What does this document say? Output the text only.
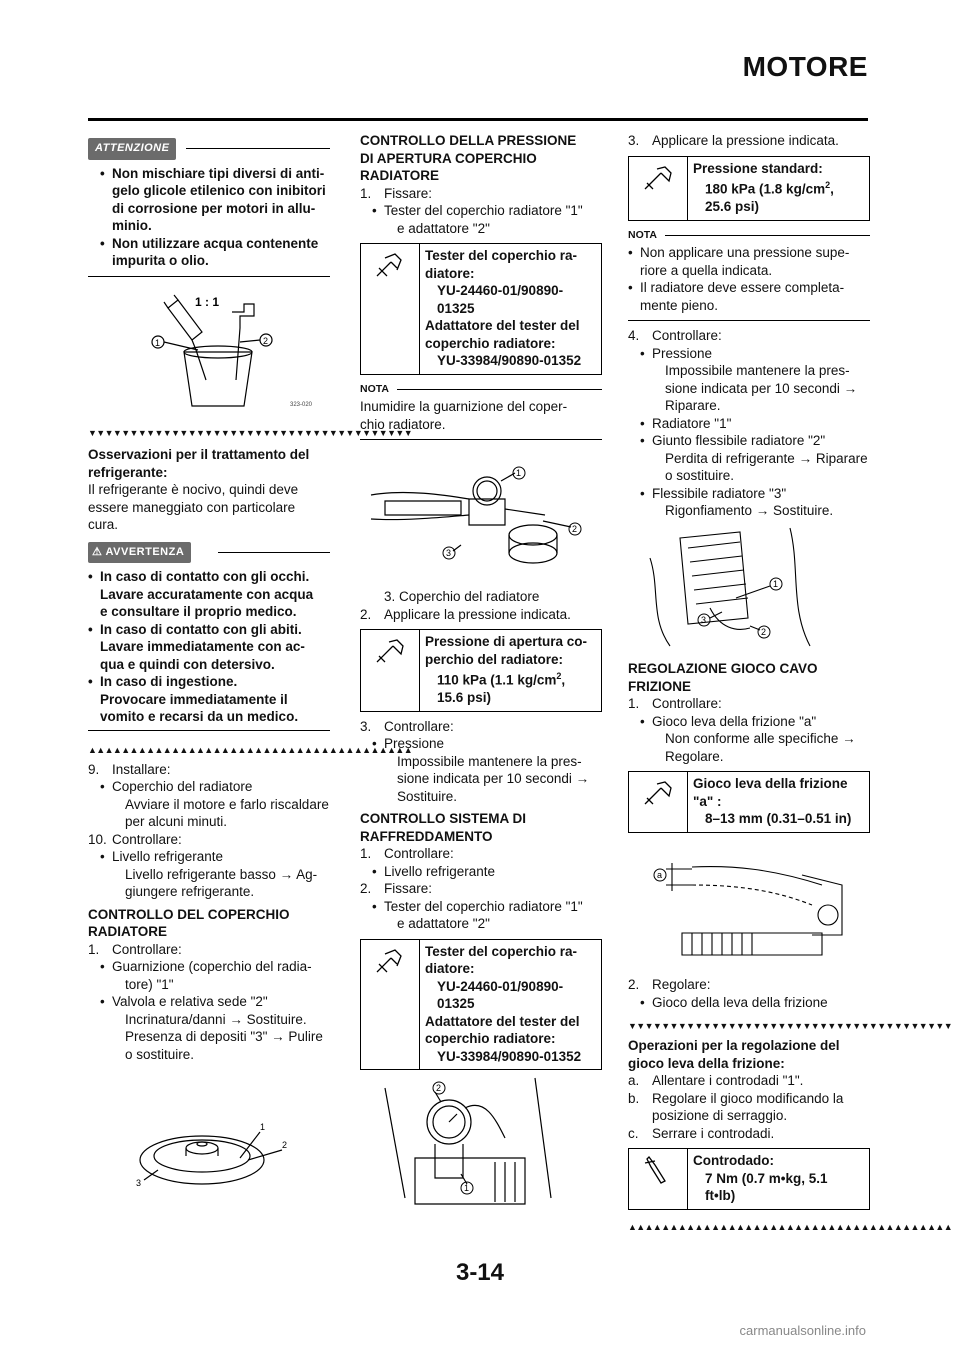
MOTORE
ATTENZIONE

• Non mischiare tipi diversi di anti-

gelo glicole etilenico con inibitori

di corrosione per motori in allu-

minio.

• Non utilizzare acqua contenente

impurita o olio.

1 : 1
1	2
323-020
▼▼▼▼▼▼▼▼▼▼▼▼▼▼▼▼▼▼▼▼▼▼▼▼▼▼▼▼▼▼▼▼▼▼▼▼▼▼▼

Osservazioni per il trattamento del

refrigerante:

Il refrigerante è nocivo, quindi deve

essere maneggiato con particolare

cura.

⚠ AVVERTENZA

• In caso di contatto con gli occhi.

Lavare accuratamente con acqua

e consultare il proprio medico.

• In caso di contatto con gli abiti.

Lavare immediatamente con ac-

qua e quindi con detersivo.

• In caso di ingestione.

Provocare immediatamente il

vomito e recarsi da un medico.

▲▲▲▲▲▲▲▲▲▲▲▲▲▲▲▲▲▲▲▲▲▲▲▲▲▲▲▲▲▲▲▲▲▲▲▲▲▲▲

9. Installare:

• Coperchio del radiatore

Avviare il motore e farlo riscaldare

per alcuni minuti.

10. Controllare:

• Livello refrigerante

Livello refrigerante basso → Ag-

giungere refrigerante.

CONTROLLO DEL COPERCHIO

RADIATORE

1. Controllare:

• Guarnizione (coperchio del radia-

tore) "1"

• Valvola e relativa sede "2"

Incrinatura/danni → Sostituire.

Presenza di depositi "3" → Pulire

o sostituire.

1
2
3

CONTROLLO DELLA PRESSIONE

DI APERTURA COPERCHIO

RADIATORE

1. Fissare:

• Tester del coperchio radiatore "1"

e adattatore "2"

Tester del coperchio ra-

diatore:

YU-24460-01/90890-

01325

Adattatore del tester del

coperchio radiatore:

YU-33984/90890-01352

NOTA

Inumidire la guarnizione del coper-

chio radiatore.

1
2
3

3. Coperchio del radiatore

2. Applicare la pressione indicata.

Pressione di apertura co-

perchio del radiatore:

110 kPa (1.1 $kg/cm^2$,

15.6 psi)

3. Controllare:

• Pressione

Impossibile mantenere la pres-

sione indicata per 10 secondi →

Sostituire.

CONTROLLO SISTEMA DI

RAFFREDDAMENTO

1. Controllare:

• Livello refrigerante

2. Fissare:

• Tester del coperchio radiatore "1"

e adattatore "2"

Tester del coperchio ra-

diatore:

YU-24460-01/90890-

01325

Adattatore del tester del

coperchio radiatore:

YU-33984/90890-01352

2
1

3. Applicare la pressione indicata.

Pressione standard:

180 kPa (1.8 $kg/cm^2$,

25.6 psi)

NOTA

• Non applicare una pressione supe-

riore a quella indicata.

• Il radiatore deve essere completa-

mente pieno.

4. Controllare:

• Pressione

Impossibile mantenere la pres-

sione indicata per 10 secondi →

Riparare.

• Radiatore "1"

• Giunto flessibile radiatore "2"

Perdita di refrigerante → Riparare

o sostituire.

• Flessibile radiatore "3"

Rigonfiamento → Sostituire.

1
3
2

REGOLAZIONE GIOCO CAVO

FRIZIONE

1. Controllare:

• Gioco leva della frizione "a"

Non conforme alle specifiche →

Regolare.

Gioco leva della frizione

"a" :

8–13 mm (0.31–0.51 in)

a

2. Regolare:

• Gioco della leva della frizione

▼▼▼▼▼▼▼▼▼▼▼▼▼▼▼▼▼▼▼▼▼▼▼▼▼▼▼▼▼▼▼▼▼▼▼▼▼▼▼

Operazioni per la regolazione del

gioco leva della frizione:

a. Allentare i controdadi "1".

b. Regolare il gioco modificando la

posizione di serraggio.

c. Serrare i controdadi.

Controdado:

7 Nm (0.7 m•kg, 5.1

ft•lb)

▲▲▲▲▲▲▲▲▲▲▲▲▲▲▲▲▲▲▲▲▲▲▲▲▲▲▲▲▲▲▲▲▲▲▲▲▲▲▲
3-14
carmanualsonline.info
